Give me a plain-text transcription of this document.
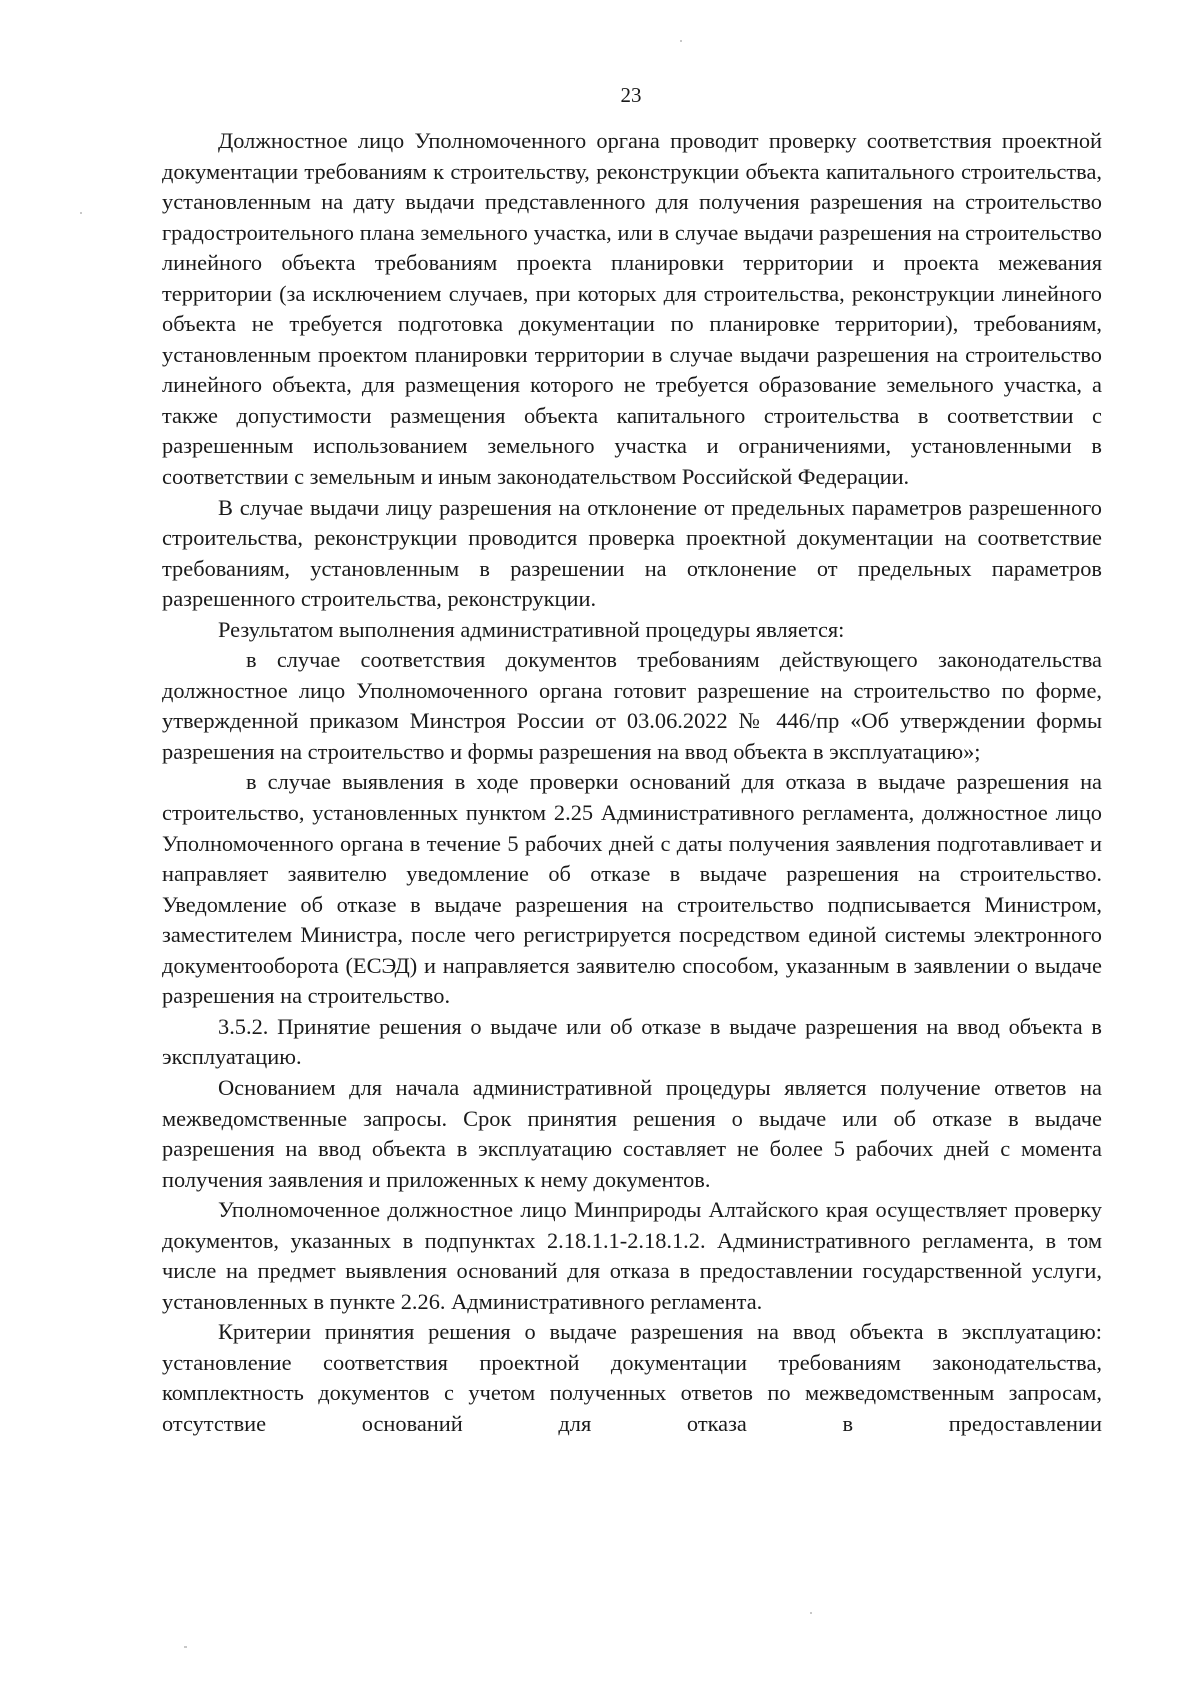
23

Должностное лицо Уполномоченного органа проводит проверку соответствия проектной документации требованиям к строительству, реконструкции объекта капитального строительства, установленным на дату выдачи представленного для получения разрешения на строительство градостроительного плана земельного участка, или в случае выдачи разрешения на строительство линейного объекта требованиям проекта планировки территории и проекта межевания территории (за исключением случаев, при которых для строительства, реконструкции линейного объекта не требуется подготовка документации по планировке территории), требованиям, установленным проектом планировки территории в случае выдачи разрешения на строительство линейного объекта, для размещения которого не требуется образование земельного участка, а также допустимости размещения объекта капитального строительства в соответствии с разрешенным использованием земельного участка и ограничениями, установленными в соответствии с земельным и иным законодательством Российской Федерации.

В случае выдачи лицу разрешения на отклонение от предельных параметров разрешенного строительства, реконструкции проводится проверка проектной документации на соответствие требованиям, установленным в разрешении на отклонение от предельных параметров разрешенного строительства, реконструкции.

Результатом выполнения административной процедуры является:

в случае соответствия документов требованиям действующего законодательства должностное лицо Уполномоченного органа готовит разрешение на строительство по форме, утвержденной приказом Минстроя России от 03.06.2022 № 446/пр «Об утверждении формы разрешения на строительство и формы разрешения на ввод объекта в эксплуатацию»;

в случае выявления в ходе проверки оснований для отказа в выдаче разрешения на строительство, установленных пунктом 2.25 Административного регламента, должностное лицо Уполномоченного органа в течение 5 рабочих дней с даты получения заявления подготавливает и направляет заявителю уведомление об отказе в выдаче разрешения на строительство. Уведомление об отказе в выдаче разрешения на строительство подписывается Министром, заместителем Министра, после чего регистрируется посредством единой системы электронного документооборота (ЕСЭД) и направляется заявителю способом, указанным в заявлении о выдаче разрешения на строительство.

3.5.2. Принятие решения о выдаче или об отказе в выдаче разрешения на ввод объекта в эксплуатацию.

Основанием для начала административной процедуры является получение ответов на межведомственные запросы. Срок принятия решения о выдаче или об отказе в выдаче разрешения на ввод объекта в эксплуатацию составляет не более 5 рабочих дней с момента получения заявления и приложенных к нему документов.

Уполномоченное должностное лицо Минприроды Алтайского края осуществляет проверку документов, указанных в подпунктах 2.18.1.1-2.18.1.2. Административного регламента, в том числе на предмет выявления оснований для отказа в предоставлении государственной услуги, установленных в пункте 2.26. Административного регламента.

Критерии принятия решения о выдаче разрешения на ввод объекта в эксплуатацию: установление соответствия проектной документации требованиям законодательства, комплектность документов с учетом полученных ответов по межведомственным запросам, отсутствие оснований для отказа в предоставлении
